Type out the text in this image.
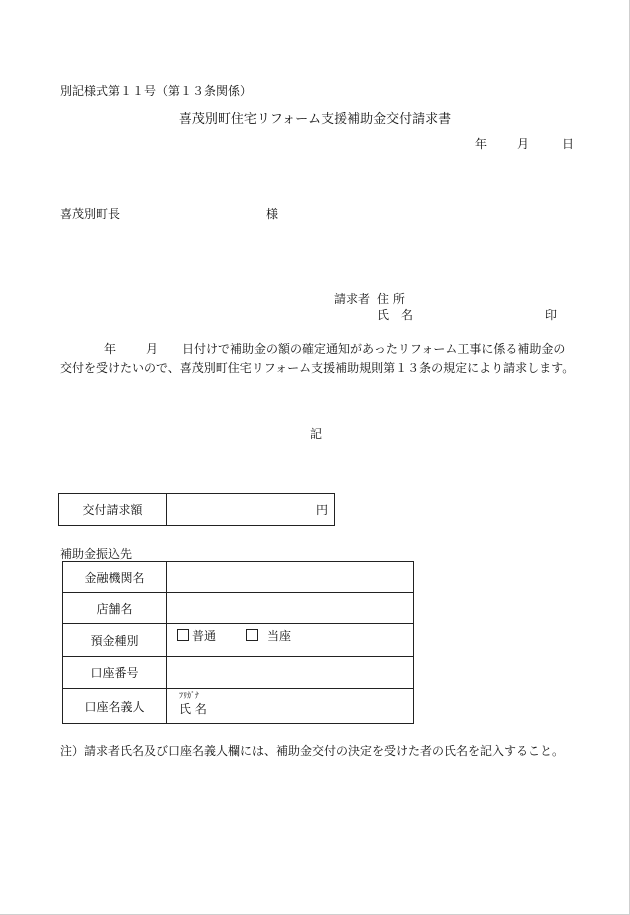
別記様式第１１号（第１３条関係）
喜茂別町住宅リフォーム支援補助金交付請求書
年 月	日
喜茂別町長	様
請求者 住 所
氏　名	印
年	月 日付けで補助金の額の確定通知があったリフォーム工事に係る補助金の交付を受けたいので、喜茂別町住宅リフォーム支援補助規則第１３条の規定により請求します。
記
交付請求額	円
補助金振込先
金融機関名	
店舗名	
預金種別	普通 当座
口座番号	
口座名義人	ﾌﾘｶﾞﾅ
氏 名
注）請求者氏名及び口座名義人欄には、補助金交付の決定を受けた者の氏名を記入すること。
